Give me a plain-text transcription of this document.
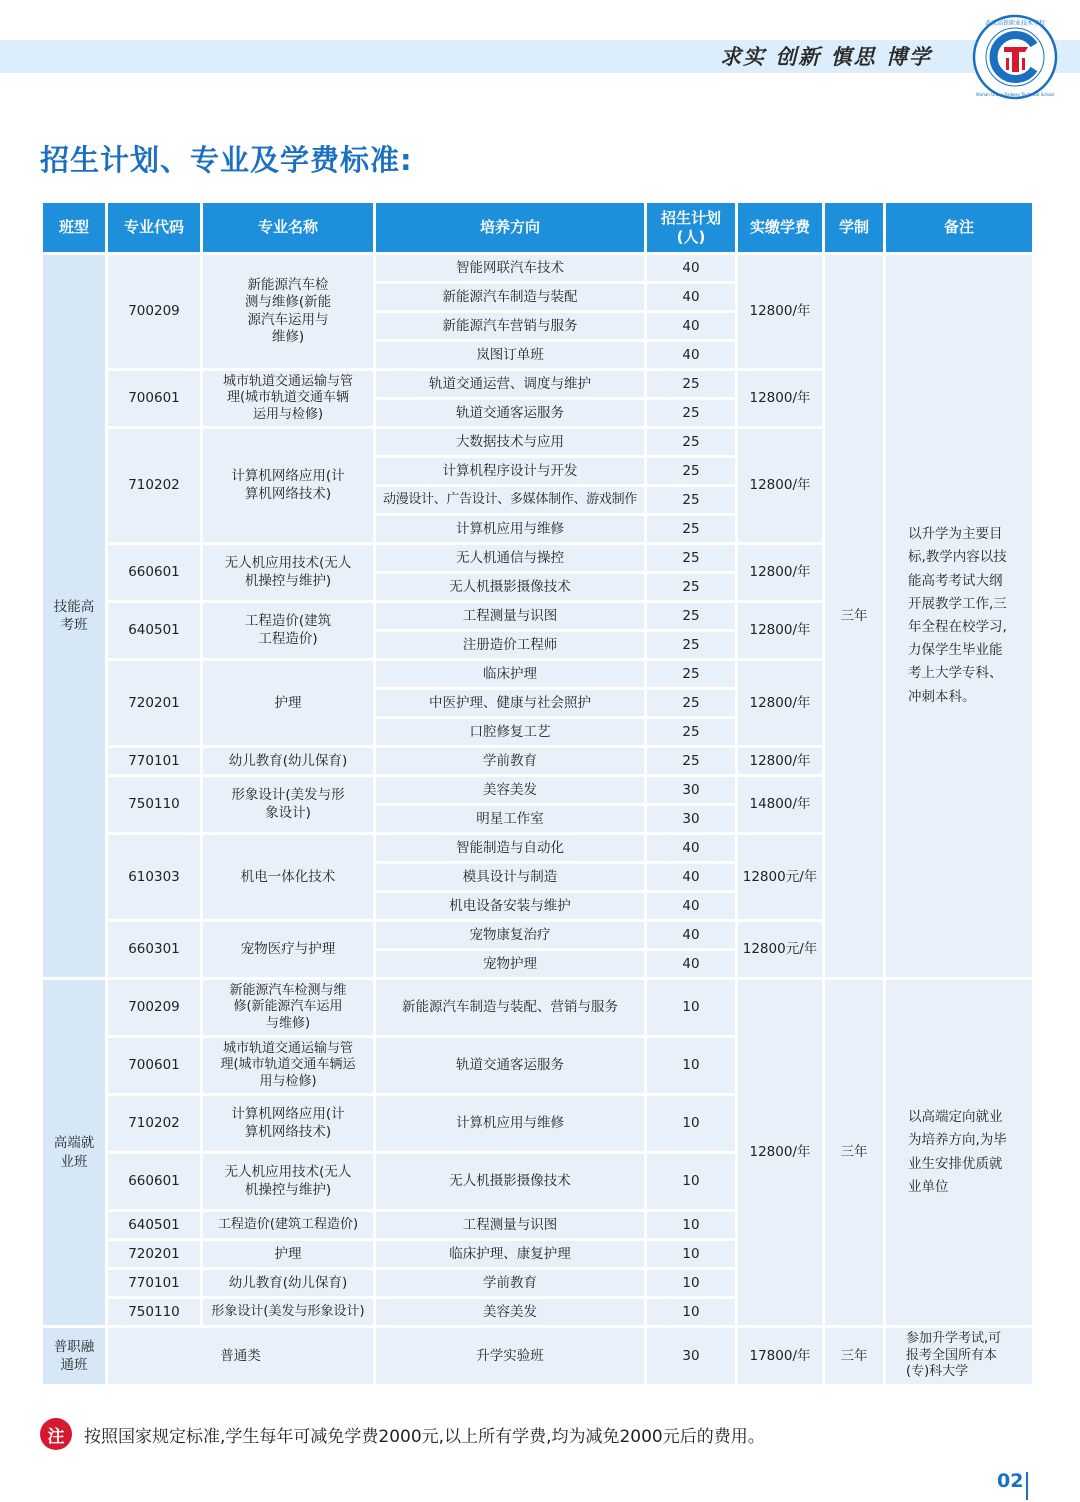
求实 创新 慎思 博学
武汉高铁职业技术学校
Wuhan Urban Railway Technical School
招生计划、专业及学费标准:
班型	专业代码	专业名称	培养方向	招生计划(人)	实缴学费	学制	备注
技能高考班	700209	新能源汽车检测与维修(新能源汽车运用与维修)	智能网联汽车技术	40	12800/年	三年	以升学为主要目标,教学内容以技能高考考试大纲开展教学工作,三年全程在校学习,力保学生毕业能考上大学专科、冲刺本科。
			新能源汽车制造与装配	40			
			新能源汽车营销与服务	40			
			岚图订单班	40			
	700601	城市轨道交通运输与管理(城市轨道交通车辆运用与检修)	轨道交通运营、调度与维护	25	12800/年		
			轨道交通客运服务	25			
	710202	计算机网络应用(计算机网络技术)	大数据技术与应用	25	12800/年		
			计算机程序设计与开发	25			
			动漫设计、广告设计、多媒体制作、游戏制作	25			
			计算机应用与维修	25			
	660601	无人机应用技术(无人机操控与维护)	无人机通信与操控	25	12800/年		
			无人机摄影摄像技术	25			
	640501	工程造价(建筑工程造价)	工程测量与识图	25	12800/年		
			注册造价工程师	25			
	720201	护理	临床护理	25	12800/年		
			中医护理、健康与社会照护	25			
			口腔修复工艺	25			
	770101	幼儿教育(幼儿保育)	学前教育	25	12800/年		
	750110	形象设计(美发与形象设计)	美容美发	30	14800/年		
			明星工作室	30			
	610303	机电一体化技术	智能制造与自动化	40	12800元/年		
			模具设计与制造	40			
			机电设备安装与维护	40			
	660301	宠物医疗与护理	宠物康复治疗	40	12800元/年		
			宠物护理	40			
高端就业班	700209	新能源汽车检测与维修(新能源汽车运用与维修)	新能源汽车制造与装配、营销与服务	10	12800/年	三年	以高端定向就业为培养方向,为毕业生安排优质就业单位
	700601	城市轨道交通运输与管理(城市轨道交通车辆运用与检修)	轨道交通客运服务	10			
	710202	计算机网络应用(计算机网络技术)	计算机应用与维修	10			
	660601	无人机应用技术(无人机操控与维护)	无人机摄影摄像技术	10			
	640501	工程造价(建筑工程造价)	工程测量与识图	10			
	720201	护理	临床护理、康复护理	10			
	770101	幼儿教育(幼儿保育)	学前教育	10			
	750110	形象设计(美发与形象设计)	美容美发	10			
普职融通班	普通类		升学实验班	30	17800/年	三年	参加升学考试,可报考全国所有本(专)科大学
注	按照国家规定标准,学生每年可减免学费2000元,以上所有学费,均为减免2000元后的费用。
02
